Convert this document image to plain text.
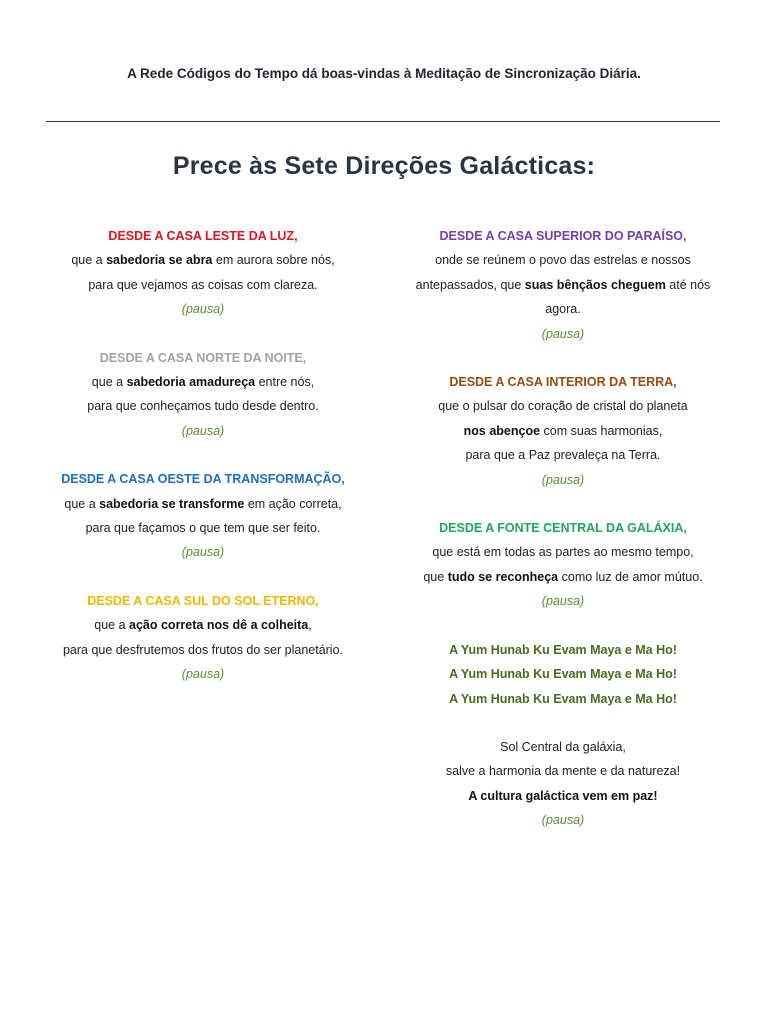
A Rede Códigos do Tempo dá boas-vindas à Meditação de Sincronização Diária.
Prece às Sete Direções Galácticas:
DESDE A CASA LESTE DA LUZ,
que a sabedoria se abra em aurora sobre nós,
para que vejamos as coisas com clareza.
(pausa)
DESDE A CASA NORTE DA NOITE,
que a sabedoria amadureça entre nós,
para que conheçamos tudo desde dentro.
(pausa)
DESDE A CASA OESTE DA TRANSFORMAÇÃO,
que a sabedoria se transforme em ação correta,
para que façamos o que tem que ser feito.
(pausa)
DESDE A CASA SUL DO SOL ETERNO,
que a ação correta nos dê a colheita,
para que desfrutemos dos frutos do ser planetário.
(pausa)
DESDE A CASA SUPERIOR DO PARAÍSO,
onde se reúnem o povo das estrelas e nossos
antepassados, que suas bênçãos cheguem até nós
agora.
(pausa)
DESDE A CASA INTERIOR DA TERRA,
que o pulsar do coração de cristal do planeta
nos abençoe com suas harmonias,
para que a Paz prevaleça na Terra.
(pausa)
DESDE A FONTE CENTRAL DA GALÁXIA,
que está em todas as partes ao mesmo tempo,
que tudo se reconheça como luz de amor mútuo.
(pausa)
A Yum Hunab Ku Evam Maya e Ma Ho!
A Yum Hunab Ku Evam Maya e Ma Ho!
A Yum Hunab Ku Evam Maya e Ma Ho!
Sol Central da galáxia,
salve a harmonia da mente e da natureza!
A cultura galáctica vem em paz!
(pausa)
